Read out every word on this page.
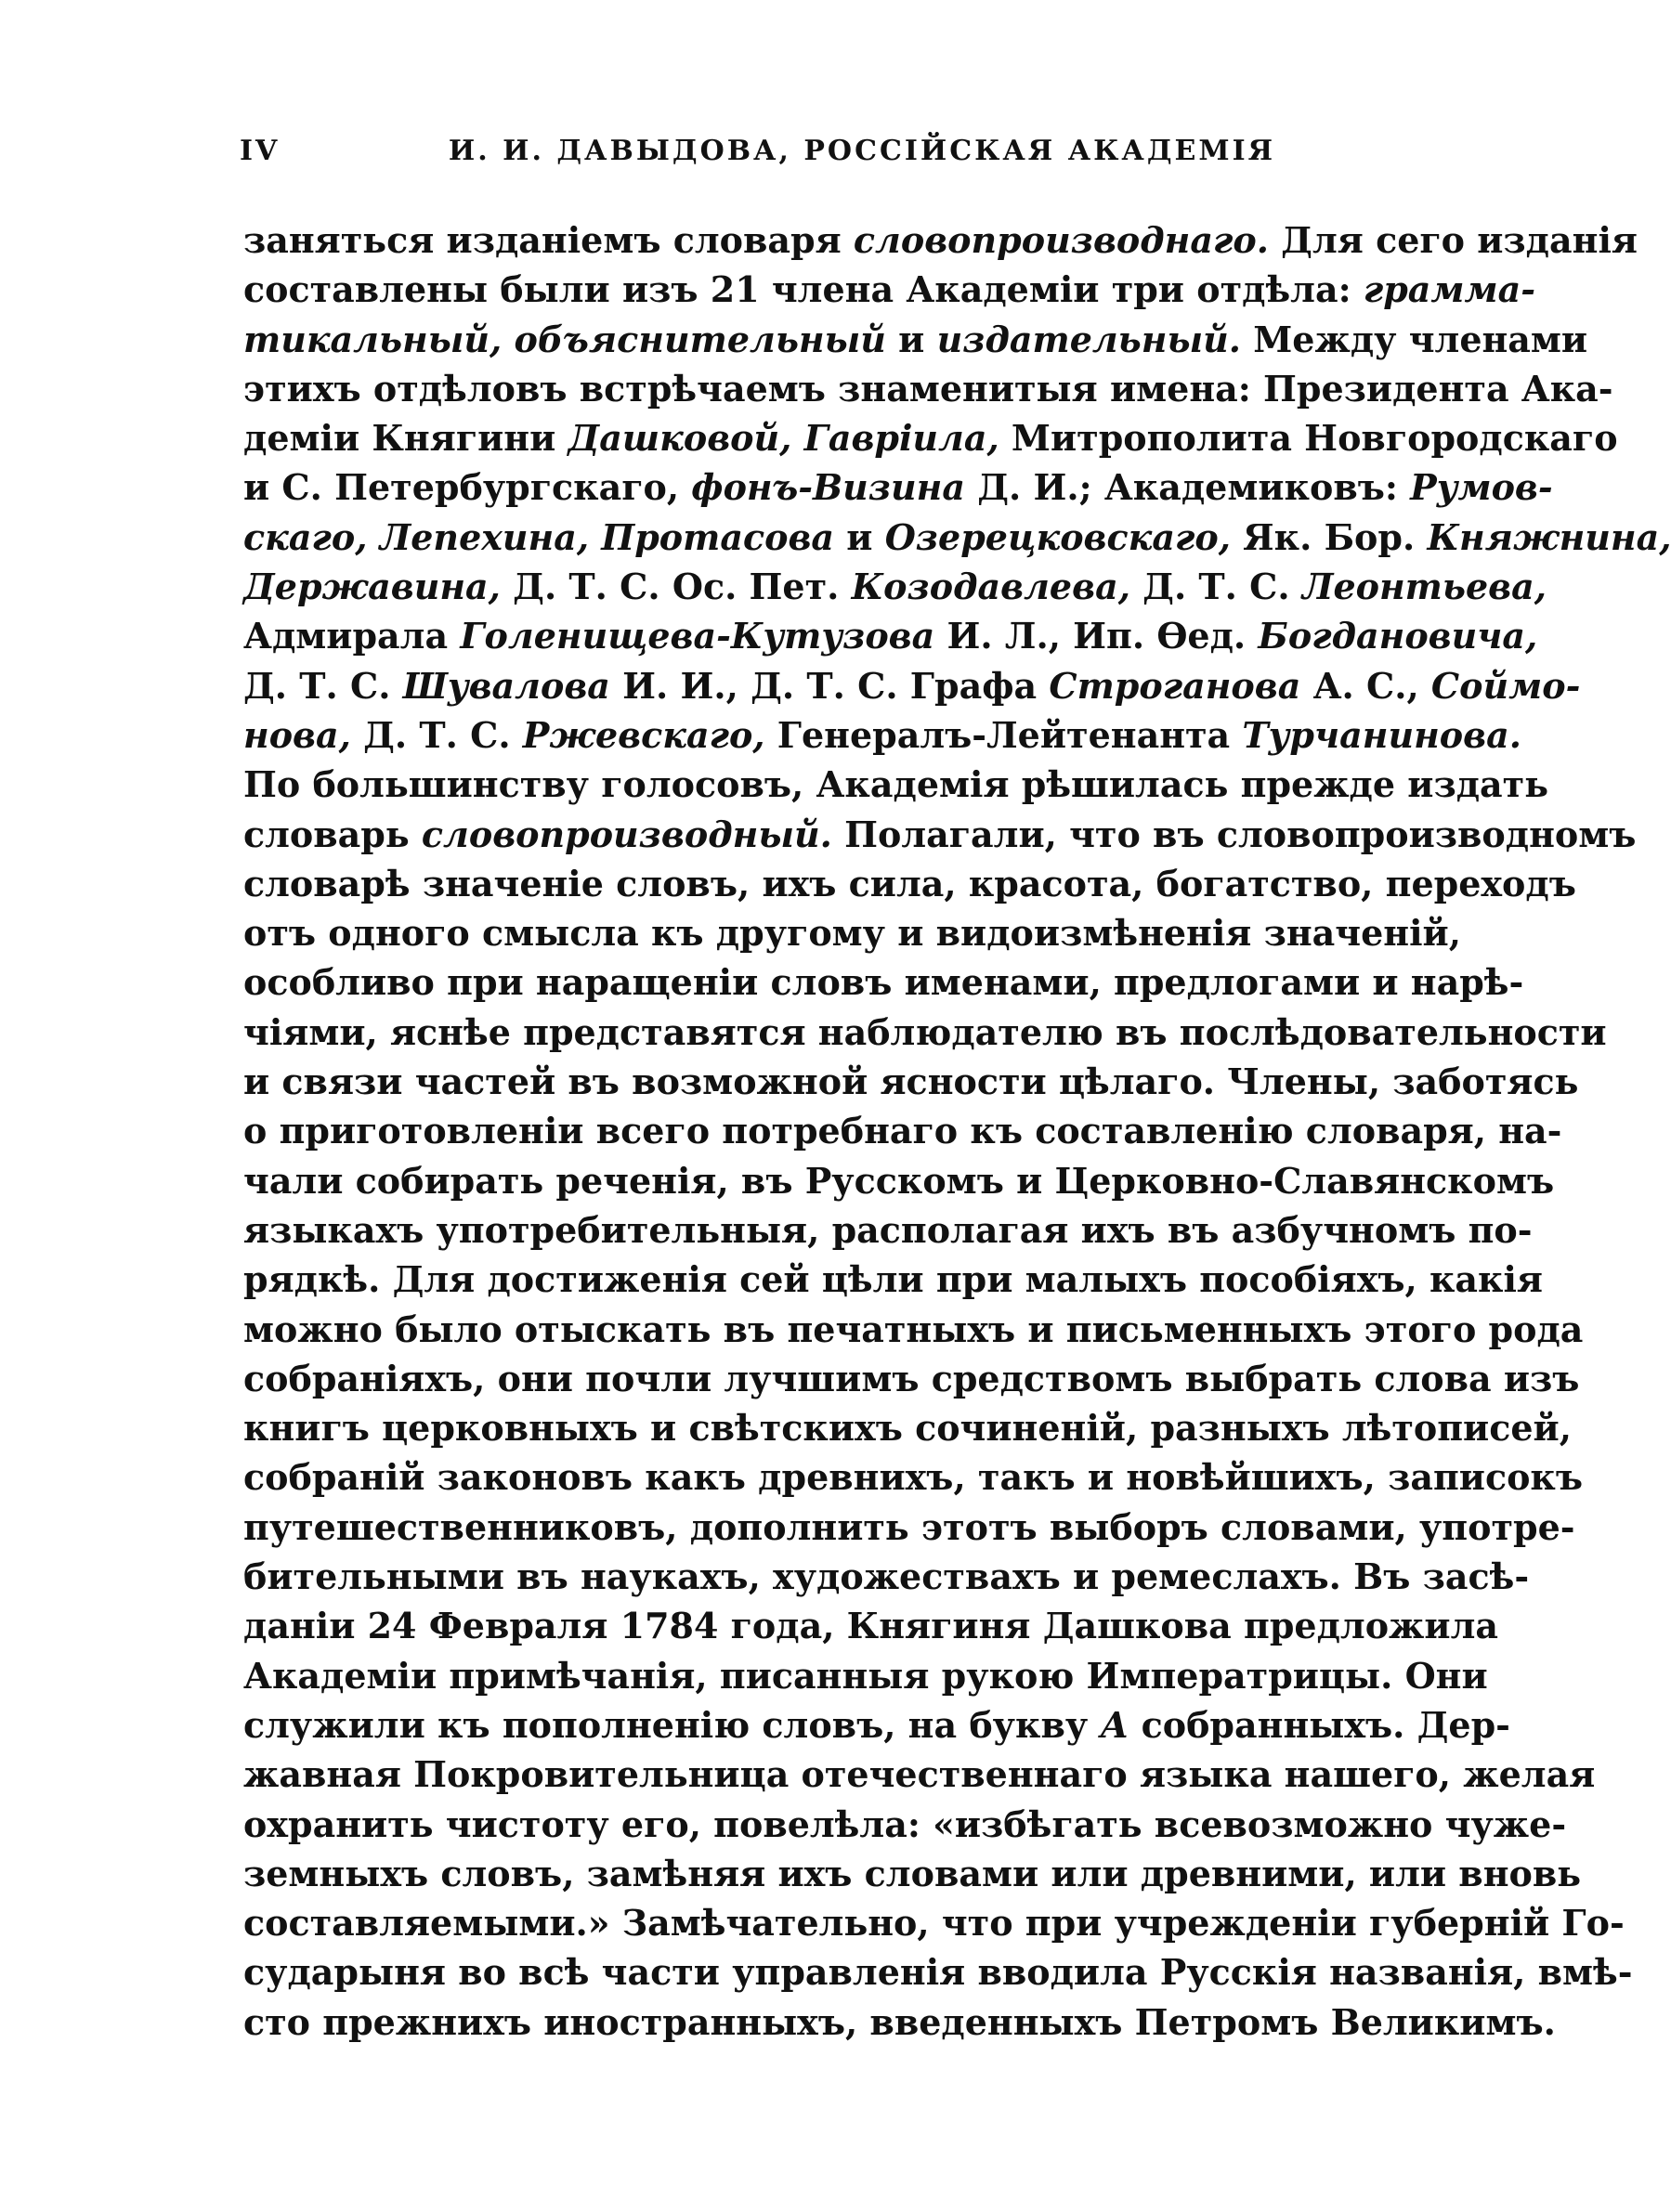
IV	И. И. ДАВЫДОВА, РОССІЙСКАЯ АКАДЕМІЯ
заняться изданіемъ словаря словопроизводнаго. Для сего изданія
составлены были изъ 21 члена Академіи три отдѣла: грамма-
тикальный, объяснительный и издательный. Между членами
этихъ отдѣловъ встрѣчаемъ знаменитыя имена: Президента Ака-
деміи Княгини Дашковой, Гавріила, Митрополита Новгородскаго
и С. Петербургскаго, фонъ-Визина Д. И.; Академиковъ: Румов-
скаго, Лепехина, Протасова и Озерецковскаго, Як. Бор. Княжнина,
Державина, Д. Т. С. Ос. Пет. Козодавлева, Д. Т. С. Леонтьева,
Адмирала Голенищева-Кутузова И. Л., Ип. Ѳед. Богдановича,
Д. Т. С. Шувалова И. И., Д. Т. С. Графа Строганова А. С., Соймо-
нова, Д. Т. С. Ржевскаго, Генералъ-Лейтенанта Турчанинова.
По большинству голосовъ, Академія рѣшилась прежде издать
словарь словопроизводный. Полагали, что въ словопроизводномъ
словарѣ значеніе словъ, ихъ сила, красота, богатство, переходъ
отъ одного смысла къ другому и видоизмѣненія значеній,
особливо при наращеніи словъ именами, предлогами и нарѣ-
чіями, яснѣе представятся наблюдателю въ послѣдовательности
и связи частей въ возможной ясности цѣлаго. Члены, заботясь
о приготовленіи всего потребнаго къ составленію словаря, на-
чали собирать реченія, въ Русскомъ и Церковно-Славянскомъ
языкахъ употребительныя, располагая ихъ въ азбучномъ по-
рядкѣ. Для достиженія сей цѣли при малыхъ пособіяхъ, какія
можно было отыскать въ печатныхъ и письменныхъ этого рода
собраніяхъ, они почли лучшимъ средствомъ выбрать слова изъ
книгъ церковныхъ и свѣтскихъ сочиненій, разныхъ лѣтописей,
собраній законовъ какъ древнихъ, такъ и новѣйшихъ, записокъ
путешественниковъ, дополнить этотъ выборъ словами, употре-
бительными въ наукахъ, художествахъ и ремеслахъ. Въ засѣ-
даніи 24 Февраля 1784 года, Княгиня Дашкова предложила
Академіи примѣчанія, писанныя рукою Императрицы. Они
служили къ пополненію словъ, на букву А собранныхъ. Дер-
жавная Покровительница отечественнаго языка нашего, желая
охранить чистоту его, повелѣла: «избѣгать всевозможно чуже-
земныхъ словъ, замѣняя ихъ словами или древними, или вновь
составляемыми.» Замѣчательно, что при учрежденіи губерній Го-
сударыня во всѣ части управленія вводила Русскія названія, вмѣ-
сто прежнихъ иностранныхъ, введенныхъ Петромъ Великимъ.
